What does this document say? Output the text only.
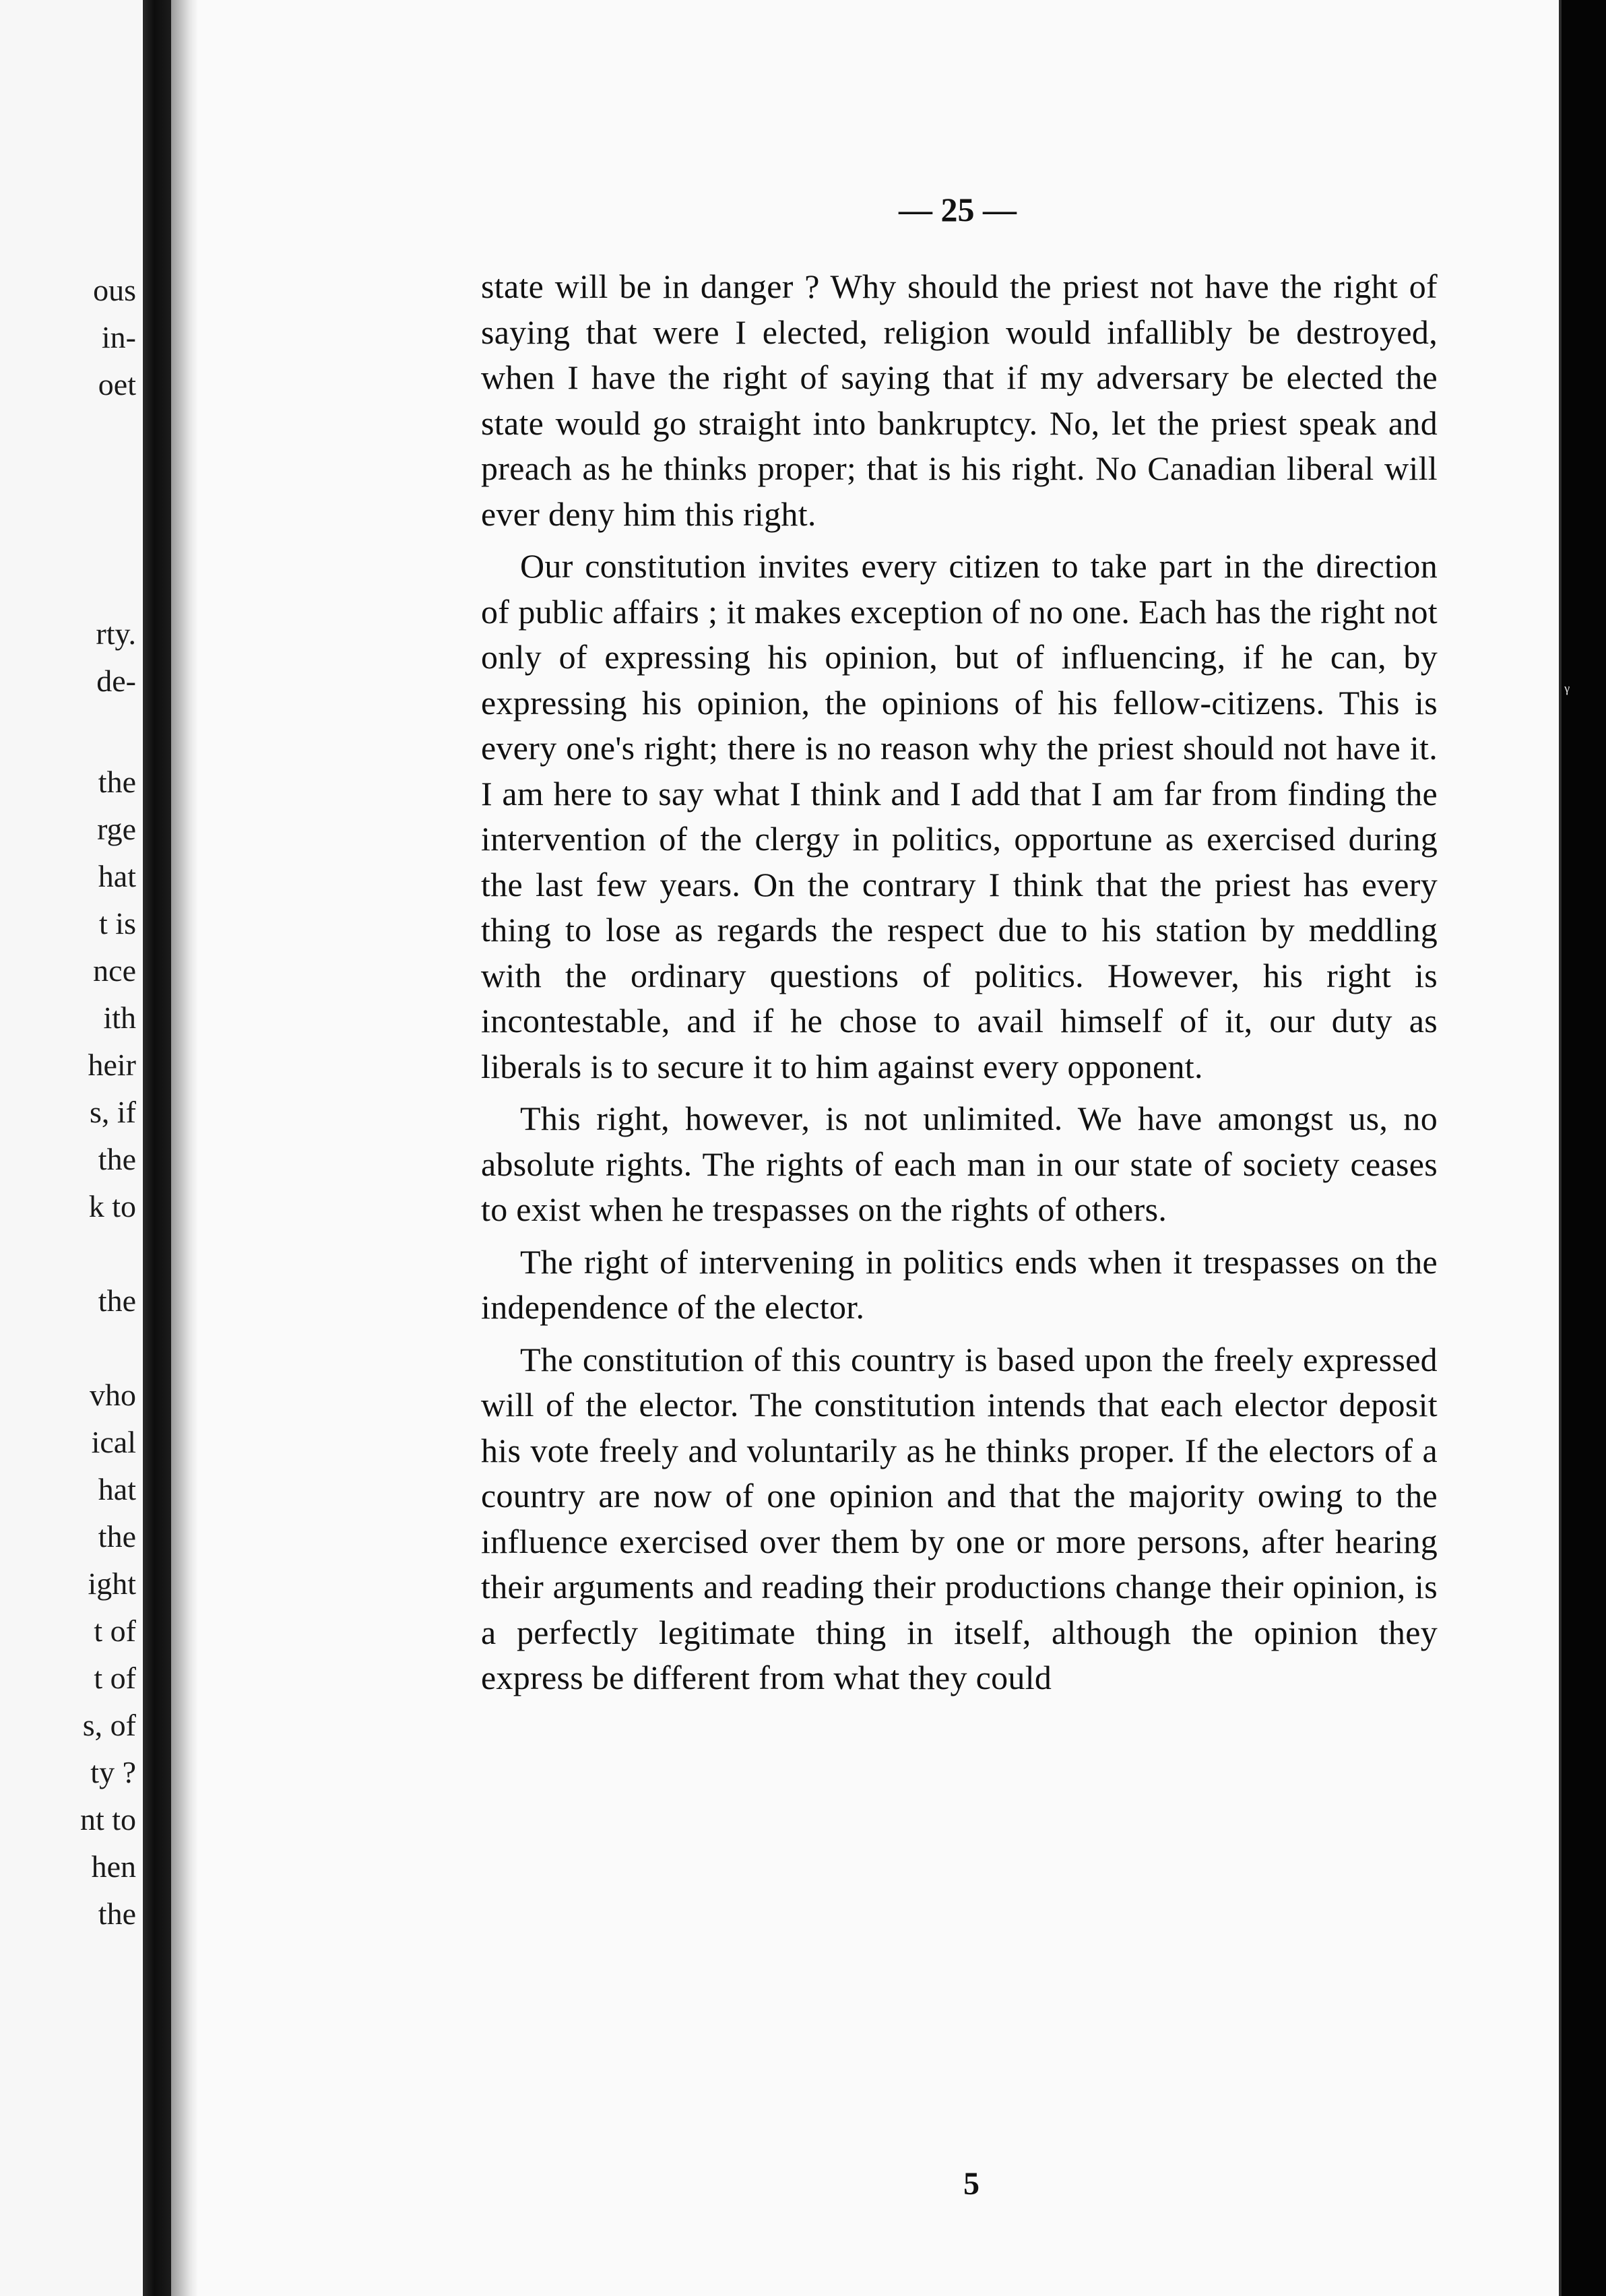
ous
in-
oet
rty.
de-
the
rge
hat
t is
nce
ith
heir
s, if
the
k to
the
vho
ical
hat
the
ight
t of
t of
s, of
ty ?
nt to
hen
the
— 25 —

state will be in danger ? Why should the priest not have the right of saying that were I elected, religion would infallibly be destroyed, when I have the right of saying that if my adversary be elected the state would go straight into bankruptcy. No, let the priest speak and preach as he thinks proper; that is his right. No Canadian liberal will ever deny him this right.

Our constitution invites every citizen to take part in the direction of public affairs ; it makes exception of no one. Each has the right not only of expressing his opinion, but of influencing, if he can, by expressing his opinion, the opinions of his fellow-citizens. This is every one's right; there is no reason why the priest should not have it. I am here to say what I think and I add that I am far from finding the intervention of the clergy in politics, opportune as exercised during the last few years. On the contrary I think that the priest has every thing to lose as regards the respect due to his station by meddling with the ordinary questions of politics. However, his right is incontestable, and if he chose to avail himself of it, our duty as liberals is to secure it to him against every opponent.

This right, however, is not unlimited. We have amongst us, no absolute rights. The rights of each man in our state of society ceases to exist when he trespasses on the rights of others.

The right of intervening in politics ends when it trespasses on the independence of the elector.

The constitution of this country is based upon the freely expressed will of the elector. The constitution intends that each elector deposit his vote freely and voluntarily as he thinks proper. If the electors of a country are now of one opinion and that the majority owing to the influence exercised over them by one or more persons, after hearing their arguments and reading their productions change their opinion, is a perfectly legitimate thing in itself, although the opinion they express be different from what they could

5
ᵞ
